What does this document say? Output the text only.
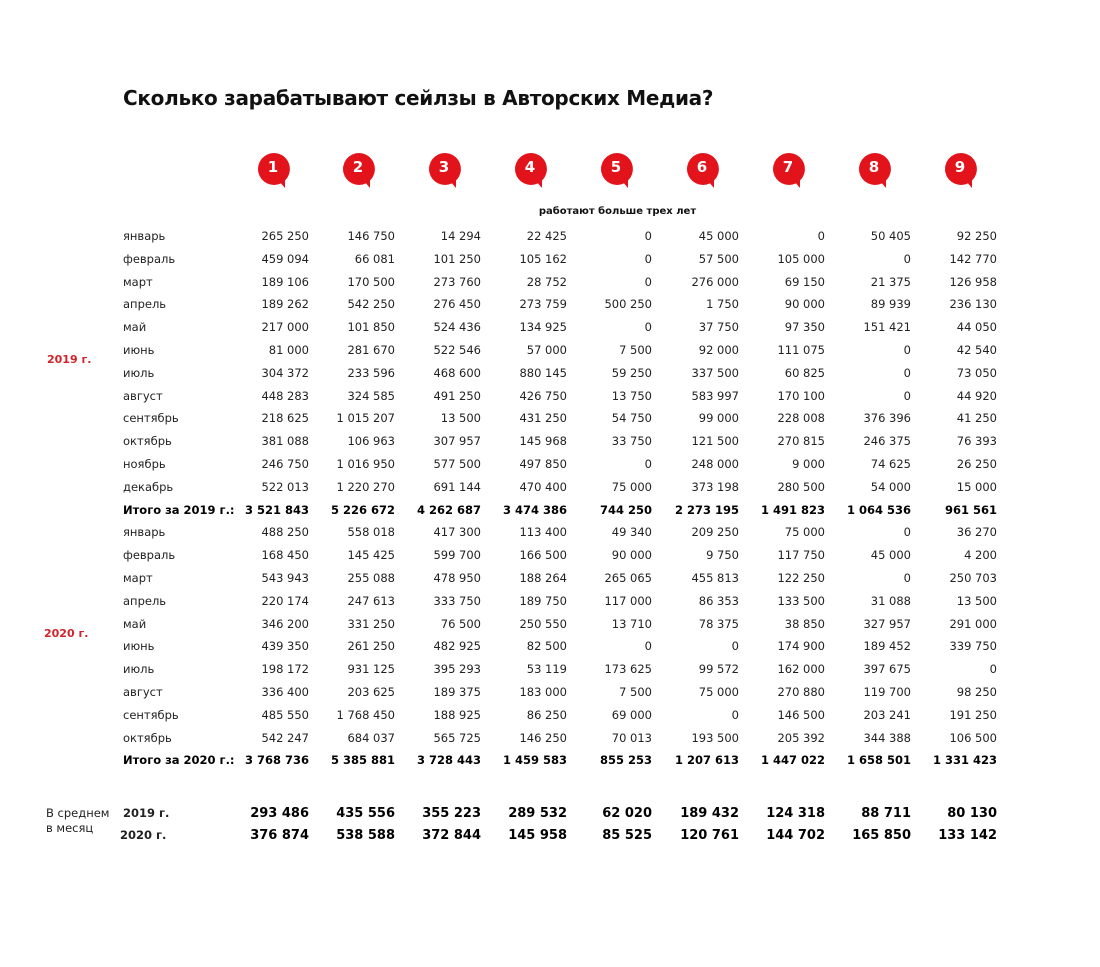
Сколько зарабатывают сейлзы в Авторских Медиа?
1	2	3	4	5	6	7	8	9
работают больше трех лет
январь	265 250	146 750	14 294	22 425	0	45 000	0	50 405	92 250
февраль	459 094	66 081	101 250	105 162	0	57 500	105 000	0	142 770
март	189 106	170 500	273 760	28 752	0	276 000	69 150	21 375	126 958
апрель	189 262	542 250	276 450	273 759	500 250	1 750	90 000	89 939	236 130
май	217 000	101 850	524 436	134 925	0	37 750	97 350	151 421	44 050
июнь	81 000	281 670	522 546	57 000	7 500	92 000	111 075	0	42 540
июль	304 372	233 596	468 600	880 145	59 250	337 500	60 825	0	73 050
август	448 283	324 585	491 250	426 750	13 750	583 997	170 100	0	44 920
сентябрь	218 625	1 015 207	13 500	431 250	54 750	99 000	228 008	376 396	41 250
октябрь	381 088	106 963	307 957	145 968	33 750	121 500	270 815	246 375	76 393
ноябрь	246 750	1 016 950	577 500	497 850	0	248 000	9 000	74 625	26 250
декабрь	522 013	1 220 270	691 144	470 400	75 000	373 198	280 500	54 000	15 000
Итого за 2019 г.: 3 521 843	5 226 672	4 262 687	3 474 386	744 250	2 273 195	1 491 823	1 064 536	961 561
январь	488 250	558 018	417 300	113 400	49 340	209 250	75 000	0	36 270
февраль	168 450	145 425	599 700	166 500	90 000	9 750	117 750	45 000	4 200
март	543 943	255 088	478 950	188 264	265 065	455 813	122 250	0	250 703
апрель	220 174	247 613	333 750	189 750	117 000	86 353	133 500	31 088	13 500
май	346 200	331 250	76 500	250 550	13 710	78 375	38 850	327 957	291 000
июнь	439 350	261 250	482 925	82 500	0	0	174 900	189 452	339 750
июль	198 172	931 125	395 293	53 119	173 625	99 572	162 000	397 675	0
август	336 400	203 625	189 375	183 000	7 500	75 000	270 880	119 700	98 250
сентябрь	485 550	1 768 450	188 925	86 250	69 000	0	146 500	203 241	191 250
октябрь	542 247	684 037	565 725	146 250	70 013	193 500	205 392	344 388	106 500
Итого за 2020 г.: 3 768 736	5 385 881	3 728 443	1 459 583	855 253	1 207 613	1 447 022	1 658 501	1 331 423
2019 г.
2020 г.
В среднем
в месяц
2019 г.	293 486	435 556	355 223	289 532	62 020	189 432	124 318	88 711	80 130
2020 г.	376 874	538 588	372 844	145 958	85 525	120 761	144 702	165 850	133 142
